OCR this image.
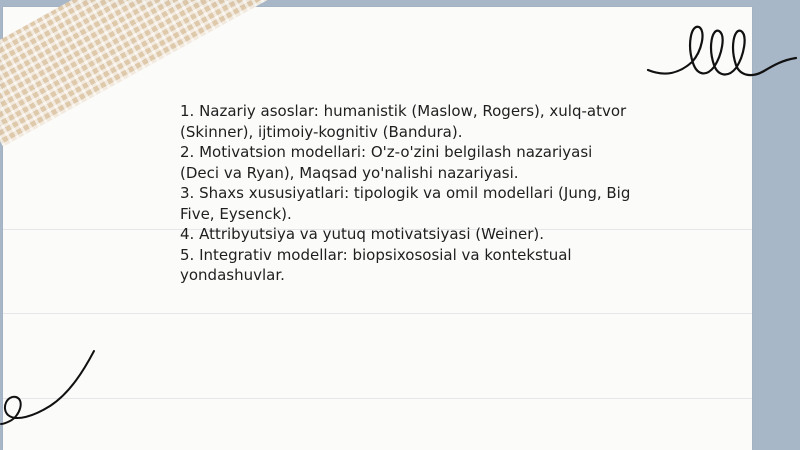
1. Nazariy asoslar: humanistik (Maslow, Rogers), xulq-atvor (Skinner), ijtimoiy-kognitiv (Bandura).
2. Motivatsion modellari: O'z-o'zini belgilash nazariyasi (Deci va Ryan), Maqsad yo'nalishi nazariyasi.
3. Shaxs xususiyatlari: tipologik va omil modellari (Jung, Big Five, Eysenck).
4. Attribyutsiya va yutuq motivatsiyasi (Weiner).
5. Integrativ modellar: biopsixososial va kontekstual yondashuvlar.
